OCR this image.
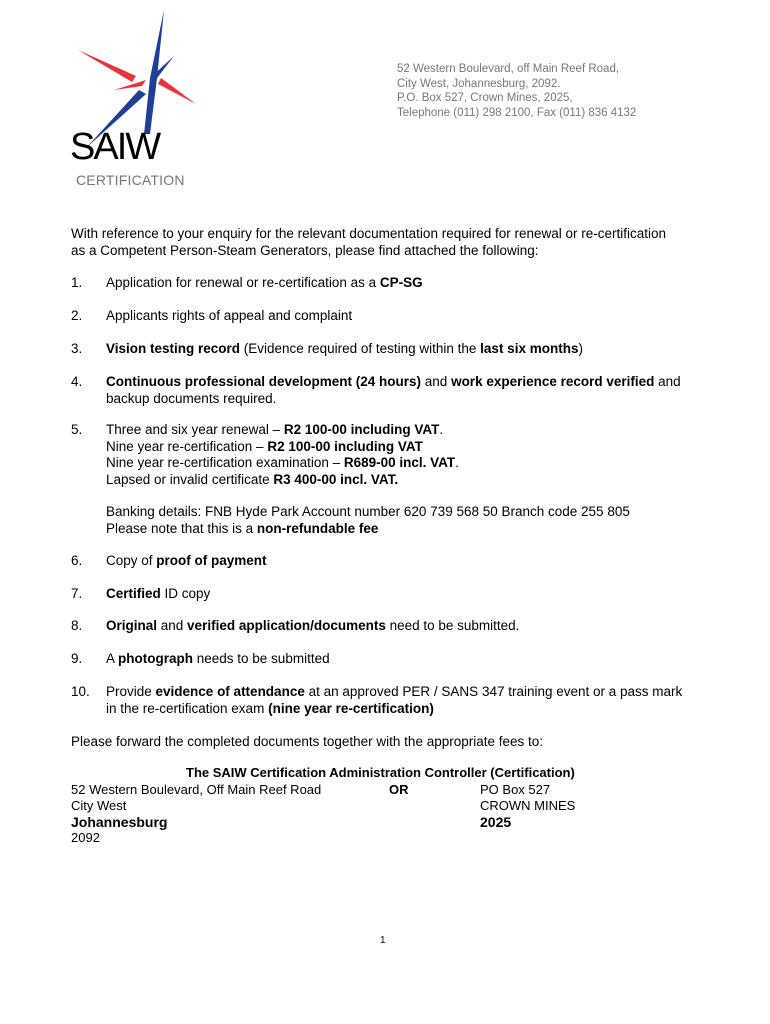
SAIW
CERTIFICATION
52 Western Boulevard, off Main Reef Road,
City West, Johannesburg, 2092.
P.O. Box 527, Crown Mines, 2025,
Telephone (011) 298 2100, Fax (011) 836 4132
With reference to your enquiry for the relevant documentation required for renewal or re-certification
as a Competent Person-Steam Generators, please find attached the following:
1.	Application for renewal or re-certification as a CP-SG
2.	Applicants rights of appeal and complaint
3.	Vision testing record (Evidence required of testing within the last six months)
4.	Continuous professional development (24 hours) and work experience record verified and
backup documents required.
5.	Three and six year renewal – R2 100-00 including VAT.
Nine year re-certification – R2 100-00 including VAT
Nine year re-certification examination – R689-00 incl. VAT.
Lapsed or invalid certificate R3 400-00 incl. VAT.
Banking details: FNB Hyde Park Account number 620 739 568 50 Branch code 255 805
Please note that this is a non-refundable fee
6.	Copy of proof of payment
7.	Certified ID copy
8.	Original and verified application/documents need to be submitted.
9.	A photograph needs to be submitted
10.	Provide evidence of attendance at an approved PER / SANS 347 training event or a pass mark
in the re-certification exam (nine year re-certification)
Please forward the completed documents together with the appropriate fees to:
The SAIW Certification Administration Controller (Certification)
52 Western Boulevard, Off Main Reef Road
City West
Johannesburg
2092
OR	PO Box 527
CROWN MINES
2025
1
